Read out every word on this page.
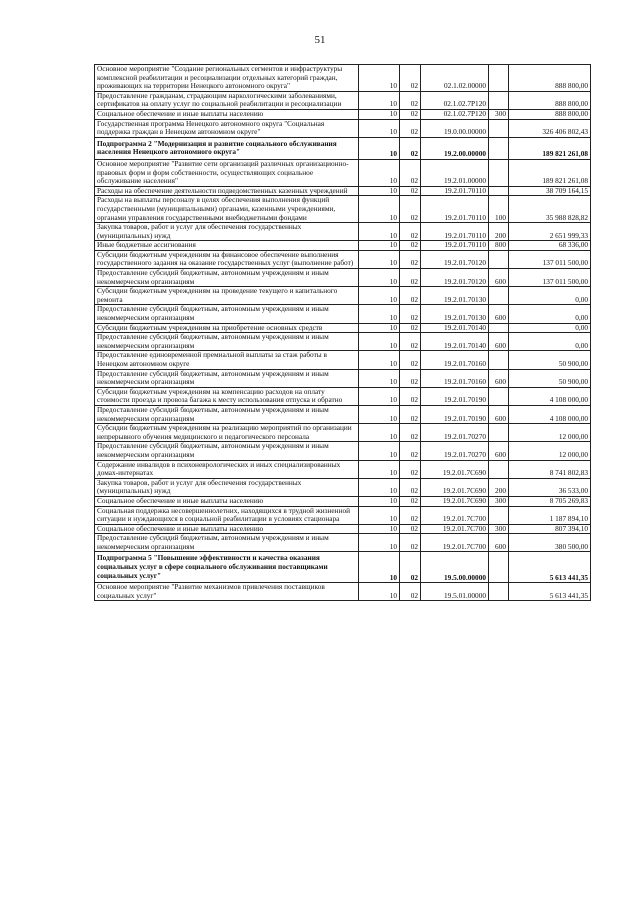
51
Основное мероприятие "Создание региональных сегментов и инфраструктуры комплексной реабилитации и ресоциализации отдельных категорий граждан, проживающих на территории Ненецкого автономного округа"	10	02	02.1.02.00000		888 800,00
Предоставление гражданам, страдающим наркологическими заболеваниями, сертификатов на оплату услуг по социальной реабилитации и ресоциализации	10	02	02.1.02.7Р120		888 800,00
Социальное обеспечение и иные выплаты населению	10	02	02.1.02.7Р120	300	888 800,00
Государственная программа Ненецкого автономного округа "Социальная поддержка граждан в Ненецком автономном округе"	10	02	19.0.00.00000		326 406 802,43
Подпрограмма 2 "Модернизация и развитие социального обслуживания населения Ненецкого автономного округа"	10	02	19.2.00.00000		189 821 261,08
Основное мероприятие "Развитие сети организаций различных организационно-правовых форм и форм собственности, осуществляющих социальное обслуживание населения"	10	02	19.2.01.00000		189 821 261,08
Расходы на обеспечение деятельности подведомственных казенных учреждений	10	02	19.2.01.70110		38 709 164,15
Расходы на выплаты персоналу в целях обеспечения выполнения функций государственными (муниципальными) органами, казенными учреждениями, органами управления государственными внебюджетными фондами	10	02	19.2.01.70110	100	35 988 828,82
Закупка товаров, работ и услуг для обеспечения государственных (муниципальных) нужд	10	02	19.2.01.70110	200	2 651 999,33
Иные бюджетные ассигнования	10	02	19.2.01.70110	800	68 336,00
Субсидии бюджетным учреждениям на финансовое обеспечение выполнения государственного задания на оказание государственных услуг (выполнение работ)	10	02	19.2.01.70120		137 011 500,00
Предоставление субсидий бюджетным, автономным учреждениям и иным некоммерческим организациям	10	02	19.2.01.70120	600	137 011 500,00
Субсидии бюджетным учреждениям на проведение текущего и капитального ремонта	10	02	19.2.01.70130		0,00
Предоставление субсидий бюджетным, автономным учреждениям и иным некоммерческим организациям	10	02	19.2.01.70130	600	0,00
Субсидии бюджетным учреждениям на приобретение основных средств	10	02	19.2.01.70140		0,00
Предоставление субсидий бюджетным, автономным учреждениям и иным некоммерческим организациям	10	02	19.2.01.70140	600	0,00
Предоставление единовременной премиальной выплаты за стаж работы в Ненецком автономном округе	10	02	19.2.01.70160		50 900,00
Предоставление субсидий бюджетным, автономным учреждениям и иным некоммерческим организациям	10	02	19.2.01.70160	600	50 900,00
Субсидии бюджетным учреждениям на компенсацию расходов на оплату стоимости проезда и провоза багажа к месту использования отпуска и обратно	10	02	19.2.01.70190		4 108 000,00
Предоставление субсидий бюджетным, автономным учреждениям и иным некоммерческим организациям	10	02	19.2.01.70190	600	4 108 000,00
Субсидии бюджетным учреждениям на реализацию мероприятий по организации непрерывного обучения медицинского и педагогического персонала	10	02	19.2.01.70270		12 000,00
Предоставление субсидий бюджетным, автономным учреждениям и иным некоммерческим организациям	10	02	19.2.01.70270	600	12 000,00
Содержание инвалидов в психоневрологических и иных специализированных домах-интернатах	10	02	19.2.01.7С690		8 741 802,83
Закупка товаров, работ и услуг для обеспечения государственных (муниципальных) нужд	10	02	19.2.01.7С690	200	36 533,00
Социальное обеспечение и иные выплаты населению	10	02	19.2.01.7С690	300	8 705 269,83
Социальная поддержка несовершеннолетних, находящихся в трудной жизненной ситуации и нуждающихся в социальной реабилитации в условиях стационара	10	02	19.2.01.7С700		1 187 894,10
Социальное обеспечение и иные выплаты населению	10	02	19.2.01.7С700	300	807 394,10
Предоставление субсидий бюджетным, автономным учреждениям и иным некоммерческим организациям	10	02	19.2.01.7С700	600	380 500,00
Подпрограмма 5 "Повышение эффективности и качества оказания социальных услуг в сфере социального обслуживания поставщиками социальных услуг"	10	02	19.5.00.00000		5 613 441,35
Основное мероприятие "Развитие механизмов привлечения поставщиков социальных услуг"	10	02	19.5.01.00000		5 613 441,35
